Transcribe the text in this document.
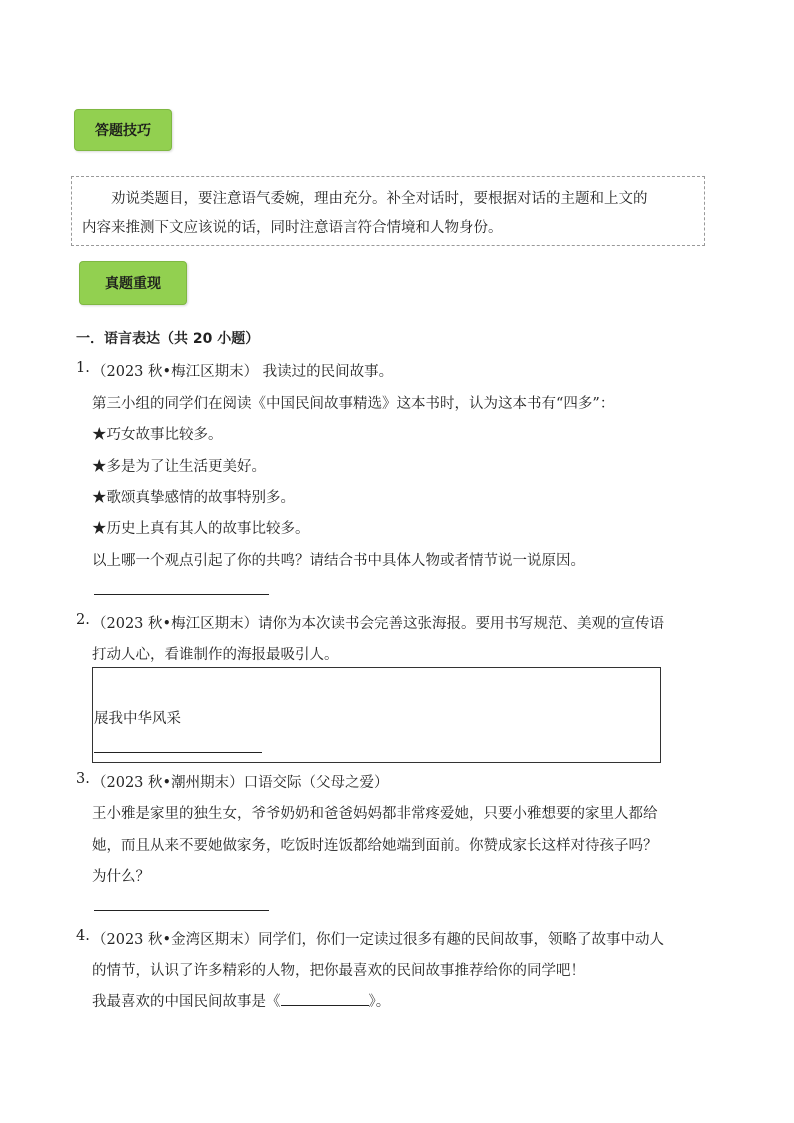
答题技巧

劝说类题目，要注意语气委婉，理由充分。补全对话时，要根据对话的主题和上文的

内容来推测下文应该说的话，同时注意语言符合情境和人物身份。
真题重现
一．语言表达（共 20 小题）
1. （2023 秋•梅江区期末） 我读过的民间故事。
第三小组的同学们在阅读《中国民间故事精选》这本书时，认为这本书有“四多”：
★巧女故事比较多。
★多是为了让生活更美好。
★歌颂真挚感情的故事特别多。
★历史上真有其人的故事比较多。
以上哪一个观点引起了你的共鸣？请结合书中具体人物或者情节说一说原因。
2. （2023 秋•梅江区期末）请你为本次读书会完善这张海报。要用书写规范、美观的宣传语
打动人心，看谁制作的海报最吸引人。
展我中华风采
3. （2023 秋•潮州期末）口语交际（父母之爱）
王小雅是家里的独生女，爷爷奶奶和爸爸妈妈都非常疼爱她，只要小雅想要的家里人都给
她，而且从来不要她做家务，吃饭时连饭都给她端到面前。你赞成家长这样对待孩子吗？
为什么？
4. （2023 秋•金湾区期末）同学们，你们一定读过很多有趣的民间故事，领略了故事中动人
的情节，认识了许多精彩的人物，把你最喜欢的民间故事推荐给你的同学吧！
我最喜欢的中国民间故事是《	》。
